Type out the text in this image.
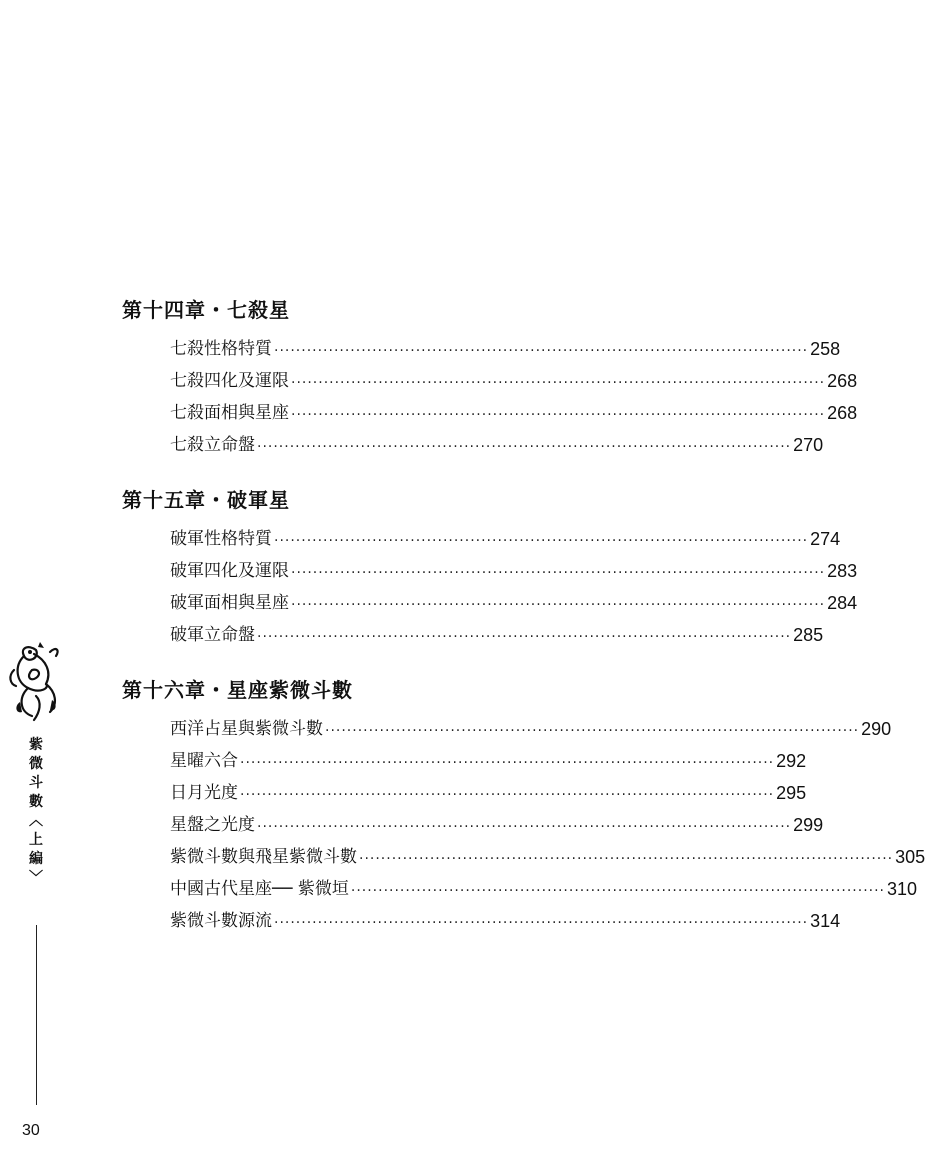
第十四章・七殺星
七殺性格特質 ·································································································· 258
七殺四化及運限 ·································································································· 268
七殺面相與星座 ·································································································· 268
七殺立命盤 ·································································································· 270
第十五章・破軍星
破軍性格特質 ·································································································· 274
破軍四化及運限 ·································································································· 283
破軍面相與星座 ·································································································· 284
破軍立命盤 ·································································································· 285
第十六章・星座紫微斗數
西洋占星與紫微斗數 ·································································································· 290
星曜六合 ·································································································· 292
日月光度 ·································································································· 295
星盤之光度 ·································································································· 299
紫微斗數與飛星紫微斗數 ·································································································· 305
中國古代星座── 紫微垣 ·································································································· 310
紫微斗數源流 ·································································································· 314
紫
微
斗
數
︿
上
編
﹀
30
